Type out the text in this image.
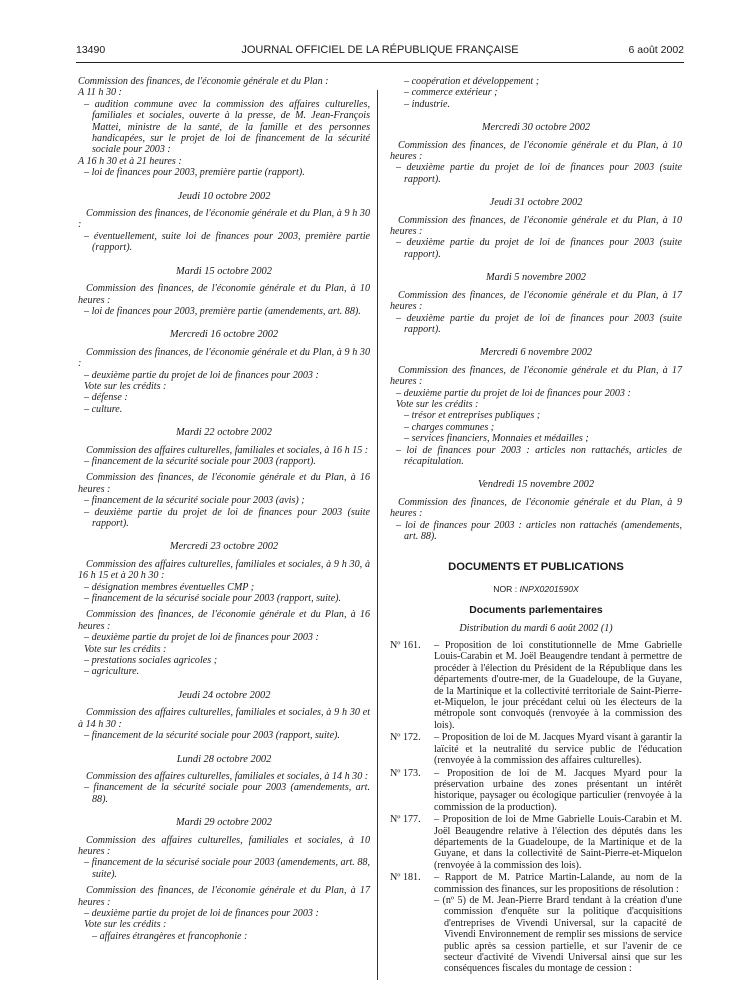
13490	JOURNAL OFFICIEL DE LA RÉPUBLIQUE FRANÇAISE	6 août 2002

Commission des finances, de l'économie générale et du Plan :

A 11 h 30 :

– audition commune avec la commission des affaires culturelles, familiales et sociales, ouverte à la presse, de M. Jean-François Mattei, ministre de la santé, de la famille et des personnes handicapées, sur le projet de loi de financement de la sécurité sociale pour 2003 :

A 16 h 30 et à 21 heures :

– loi de finances pour 2003, première partie (rapport).

Jeudi 10 octobre 2002

Commission des finances, de l'économie générale et du Plan, à 9 h 30 :

– éventuellement, suite loi de finances pour 2003, première partie (rapport).

Mardi 15 octobre 2002

Commission des finances, de l'économie générale et du Plan, à 10 heures :

– loi de finances pour 2003, première partie (amendements, art. 88).

Mercredi 16 octobre 2002

Commission des finances, de l'économie générale et du Plan, à 9 h 30 :

– deuxième partie du projet de loi de finances pour 2003 :

Vote sur les crédits :

– défense :

– culture.

Mardi 22 octobre 2002

Commission des affaires culturelles, familiales et sociales, à 16 h 15 :

– financement de la sécurité sociale pour 2003 (rapport).

Commission des finances, de l'économie générale et du Plan, à 16 heures :

– financement de la sécurité sociale pour 2003 (avis) ;

– deuxième partie du projet de loi de finances pour 2003 (suite rapport).

Mercredi 23 octobre 2002

Commission des affaires culturelles, familiales et sociales, à 9 h 30, à 16 h 15 et à 20 h 30 :

– désignation membres éventuelles CMP ;

– financement de la sécurisé sociale pour 2003 (rapport, suite).

Commission des finances, de l'économie générale et du Plan, à 16 heures :

– deuxième partie du projet de loi de finances pour 2003 :

Vote sur les crédits :

– prestations sociales agricoles ;

– agriculture.

Jeudi 24 octobre 2002

Commission des affaires culturelles, familiales et sociales, à 9 h 30 et à 14 h 30 :

– financement de la sécurité sociale pour 2003 (rapport, suite).

Lundi 28 octobre 2002

Commission des affaires culturelles, familiales et sociales, à 14 h 30 :

– financement de la sécurité sociale pour 2003 (amendements, art. 88).

Mardi 29 octobre 2002

Commission des affaires culturelles, familiales et sociales, à 10 heures :

– financement de la sécurisé sociale pour 2003 (amendements, art. 88, suite).

Commission des finances, de l'économie générale et du Plan, à 17 heures :

– deuxième partie du projet de loi de finances pour 2003 :

Vote sur les crédits :

– affaires étrangères et francophonie :

– coopération et développement ;

– commerce extérieur ;

– industrie.

Mercredi 30 octobre 2002

Commission des finances, de l'économie générale et du Plan, à 10 heures :

– deuxième partie du projet de loi de finances pour 2003 (suite rapport).

Jeudi 31 octobre 2002

Commission des finances, de l'économie générale et du Plan, à 10 heures :

– deuxième partie du projet de loi de finances pour 2003 (suite rapport).

Mardi 5 novembre 2002

Commission des finances, de l'économie générale et du Plan, à 17 heures :

– deuxième partie du projet de loi de finances pour 2003 (suite rapport).

Mercredi 6 novembre 2002

Commission des finances, de l'économie générale et du Plan, à 17 heures :

– deuxième partie du projet de loi de finances pour 2003 :

Vote sur les crédits :

– trésor et entreprises publiques ;

– charges communes ;

– services financiers, Monnaies et médailles ;

– loi de finances pour 2003 : articles non rattachés, articles de récapitulation.

Vendredi 15 novembre 2002

Commission des finances, de l'économie générale et du Plan, à 9 heures :

– loi de finances pour 2003 : articles non rattachés (amendements, art. 88).

DOCUMENTS ET PUBLICATIONS
NOR : INPX0201590X
Documents parlementaires
Distribution du mardi 6 août 2002 (1)
Nº 161.	– Proposition de loi constitutionnelle de Mme Gabrielle Louis-Carabin et M. Joël Beaugendre tendant à permettre de procéder à l'élection du Président de la République dans les départements d'outre-mer, de la Guadeloupe, de la Guyane, de la Martinique et la collectivité territoriale de Saint-Pierre-et-Miquelon, le jour précédant celui où les électeurs de la métropole sont convoqués (renvoyée à la commission des lois).
Nº 172.	– Proposition de loi de M. Jacques Myard visant à garantir la laïcité et la neutralité du service public de l'éducation (renvoyée à la commission des affaires culturelles).
Nº 173.	– Proposition de loi de M. Jacques Myard pour la préservation urbaine des zones présentant un intérêt historique, paysager ou écologique particulier (renvoyée à la commission de la production).
Nº 177.	– Proposition de loi de Mme Gabrielle Louis-Carabin et M. Joël Beaugendre relative à l'élection des députés dans les départements de la Guadeloupe, de la Martinique et de la Guyane, et dans la collectivité de Saint-Pierre-et-Miquelon (renvoyée à la commission des lois).
Nº 181.	– Rapport de M. Patrice Martin-Lalande, au nom de la commission des finances, sur les propositions de résolution :
– (nº 5) de M. Jean-Pierre Brard tendant à la création d'une commission d'enquête sur la politique d'acquisitions d'entreprises de Vivendi Universal, sur la capacité de Vivendi Environnement de remplir ses missions de service public après sa cession partielle, et sur l'avenir de ce secteur d'activité de Vivendi Universal ainsi que sur les conséquences fiscales du montage de cession :
